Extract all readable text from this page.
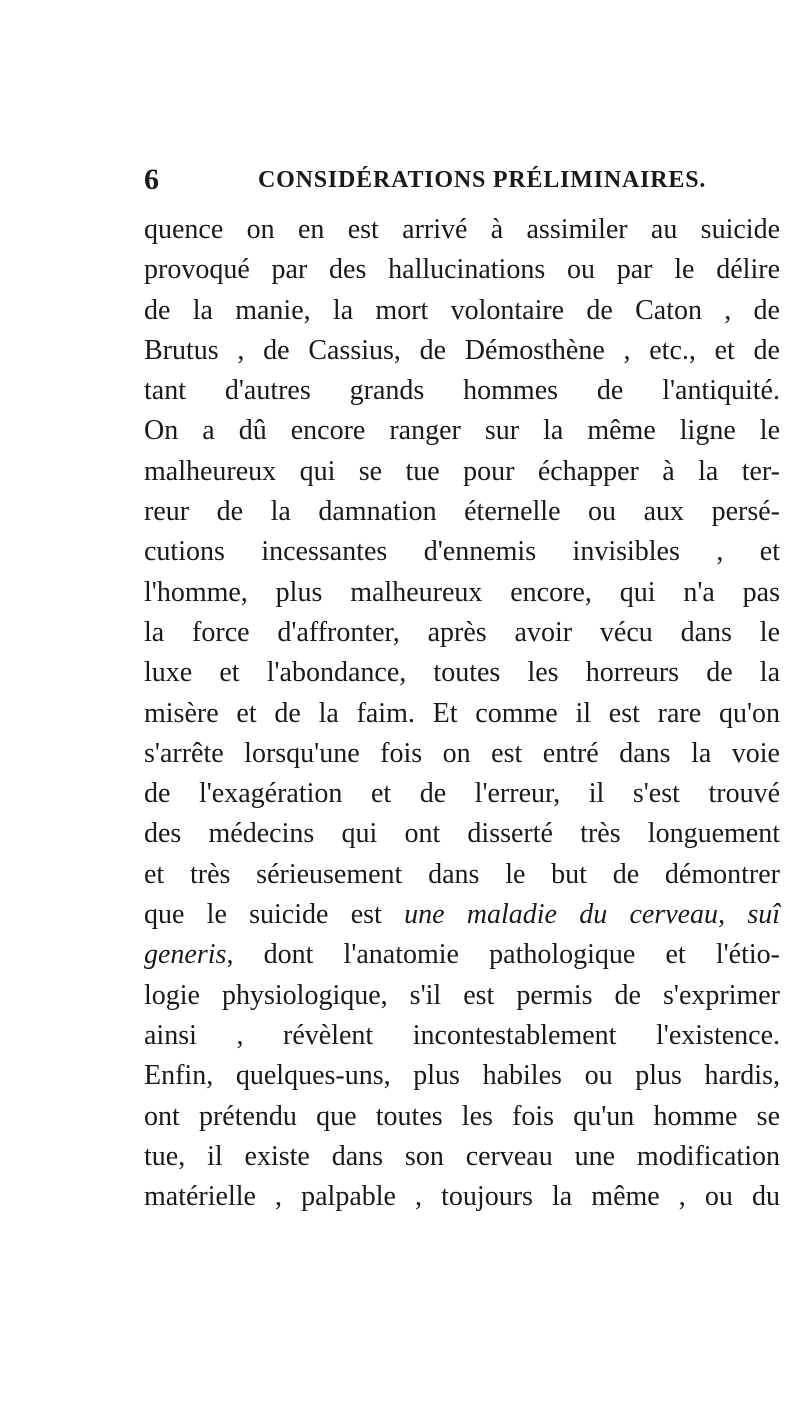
6	CONSIDÉRATIONS PRÉLIMINAIRES.
quence on en est arrivé à assimiler au suicide
provoqué par des hallucinations ou par le délire
de la manie, la mort volontaire de Caton , de
Brutus , de Cassius, de Démosthène , etc., et de
tant d'autres grands hommes de l'antiquité.
On a dû encore ranger sur la même ligne le
malheureux qui se tue pour échapper à la ter-
reur de la damnation éternelle ou aux persé-
cutions incessantes d'ennemis invisibles , et
l'homme, plus malheureux encore, qui n'a pas
la force d'affronter, après avoir vécu dans le
luxe et l'abondance, toutes les horreurs de la
misère et de la faim. Et comme il est rare qu'on
s'arrête lorsqu'une fois on est entré dans la voie
de l'exagération et de l'erreur, il s'est trouvé
des médecins qui ont disserté très longuement
et très sérieusement dans le but de démontrer
que le suicide est une maladie du cerveau, suî
generis, dont l'anatomie pathologique et l'étio-
logie physiologique, s'il est permis de s'exprimer
ainsi , révèlent incontestablement l'existence.
Enfin, quelques-uns, plus habiles ou plus hardis,
ont prétendu que toutes les fois qu'un homme se
tue, il existe dans son cerveau une modification
matérielle , palpable , toujours la même , ou du
